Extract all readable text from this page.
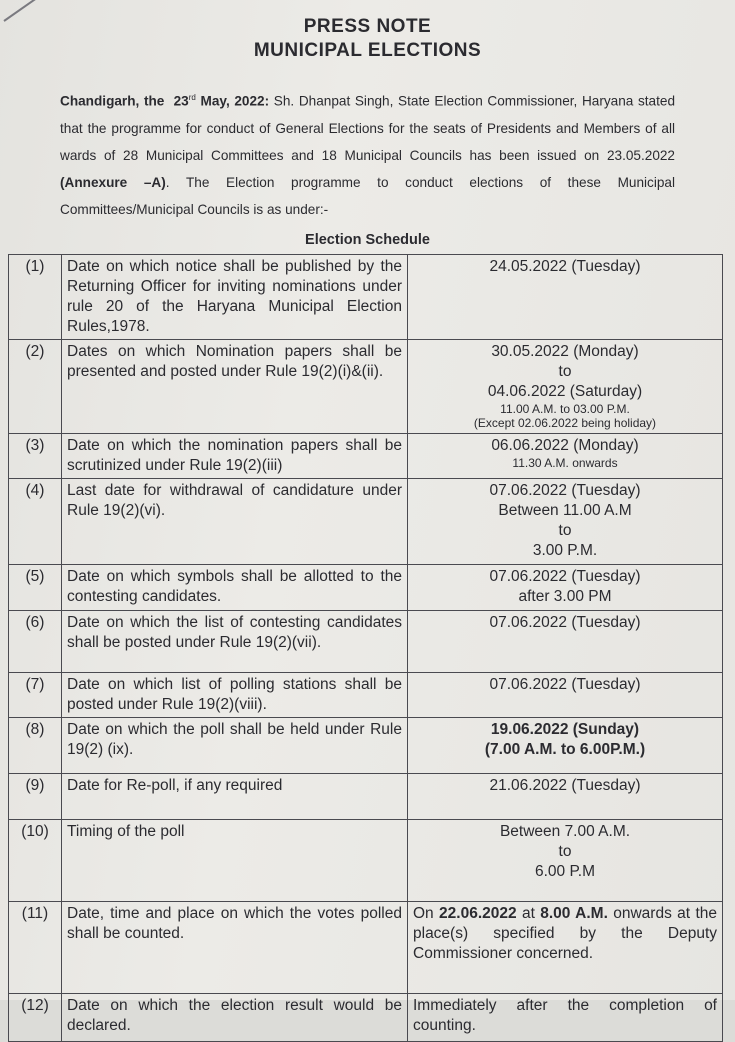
PRESS NOTE
MUNICIPAL ELECTIONS
Chandigarh, the 23rd May, 2022: Sh. Dhanpat Singh, State Election Commissioner, Haryana stated that the programme for conduct of General Elections for the seats of Presidents and Members of all wards of 28 Municipal Committees and 18 Municipal Councils has been issued on 23.05.2022 (Annexure –A). The Election programme to conduct elections of these Municipal Committees/Municipal Councils is as under:-
Election Schedule
(1)	Date on which notice shall be published by the Returning Officer for inviting nominations under rule 20 of the Haryana Municipal Election Rules,1978.	24.05.2022 (Tuesday)
(2)	Dates on which Nomination papers shall be presented and posted under Rule 19(2)(i)&(ii).	30.05.2022 (Monday)
to
04.06.2022 (Saturday)
11.00 A.M. to 03.00 P.M.
(Except 02.06.2022 being holiday)

(3)	Date on which the nomination papers shall be scrutinized under Rule 19(2)(iii)	06.06.2022 (Monday)

11.30 A.M. onwards

(4)	Last date for withdrawal of candidature under Rule 19(2)(vi).	07.06.2022 (Tuesday)
Between 11.00 A.M
to
3.00 P.M.
(5)	Date on which symbols shall be allotted to the contesting candidates.	07.06.2022 (Tuesday)
after 3.00 PM
(6)	Date on which the list of contesting candidates shall be posted under Rule 19(2)(vii).	07.06.2022 (Tuesday)
(7)	Date on which list of polling stations shall be posted under Rule 19(2)(viii).	07.06.2022 (Tuesday)
(8)	Date on which the poll shall be held under Rule 19(2) (ix).	19.06.2022 (Sunday)
(7.00 A.M. to 6.00P.M.)
(9)	Date for Re-poll, if any required	21.06.2022 (Tuesday)
(10)	Timing of the poll	Between 7.00 A.M.
to
6.00 P.M
(11)	Date, time and place on which the votes polled shall be counted.	On 22.06.2022 at 8.00 A.M. onwards at the place(s) specified by the Deputy Commissioner concerned.
(12)	Date on which the election result would be declared.	Immediately after the completion of counting.
